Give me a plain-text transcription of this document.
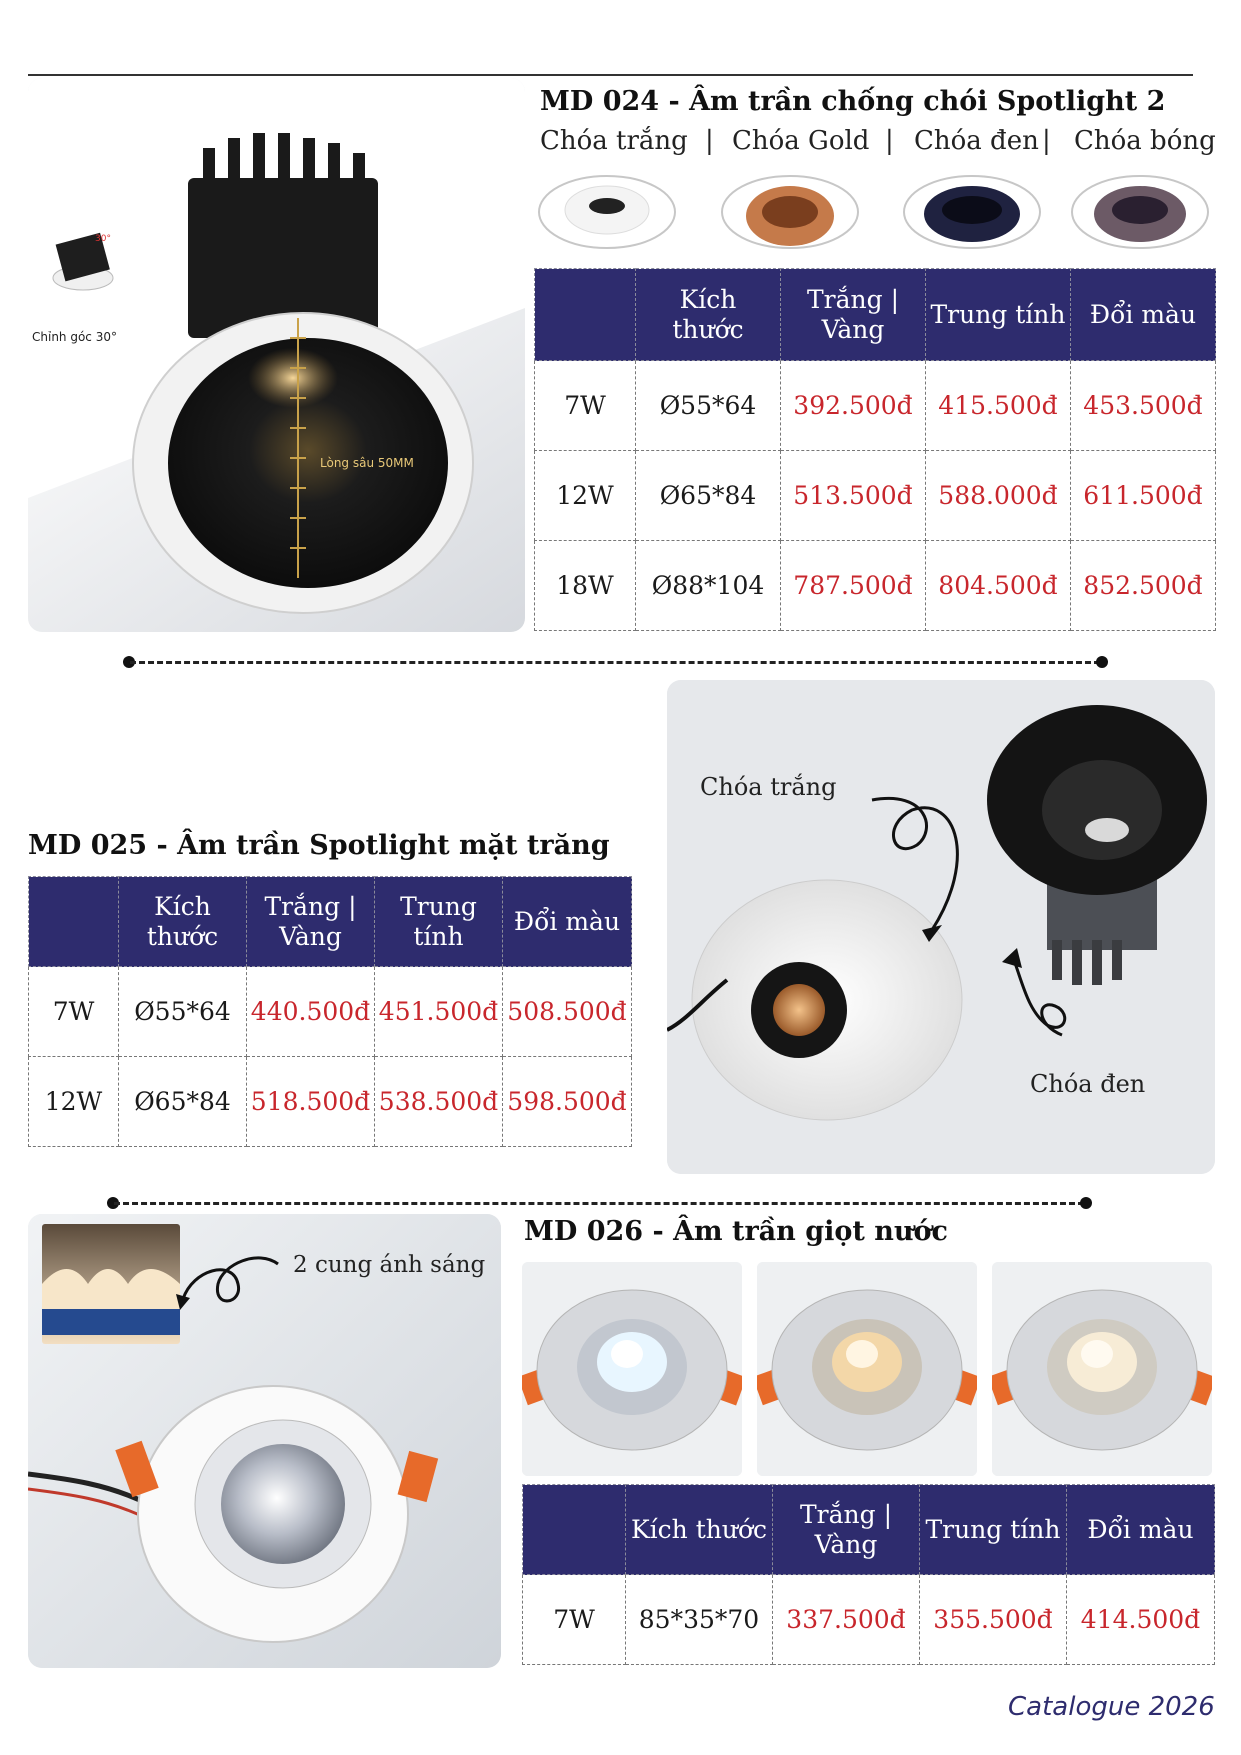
30°
Chỉnh góc 30°
Lòng sâu 50MM
MD 024 - Âm trần chống chói Spotlight 2
Chóa trắng | Chóa Gold | Chóa đen | Chóa bóng
	Kích thước	Trắng | Vàng	Trung tính	Đổi màu
7W	Ø55*64	392.500đ	415.500đ	453.500đ
12W	Ø65*84	513.500đ	588.000đ	611.500đ
18W	Ø88*104	787.500đ	804.500đ	852.500đ
MD 025 - Âm trần Spotlight mặt trăng
	Kích thước	Trắng | Vàng	Trung tính	Đổi màu
7W	Ø55*64	440.500đ	451.500đ	508.500đ
12W	Ø65*84	518.500đ	538.500đ	598.500đ
Chóa trắng
Chóa đen
2 cung ánh sáng
MD 026 - Âm trần giọt nước
	Kích thước	Trắng | Vàng	Trung tính	Đổi màu
7W	85*35*70	337.500đ	355.500đ	414.500đ
Catalogue 2026
